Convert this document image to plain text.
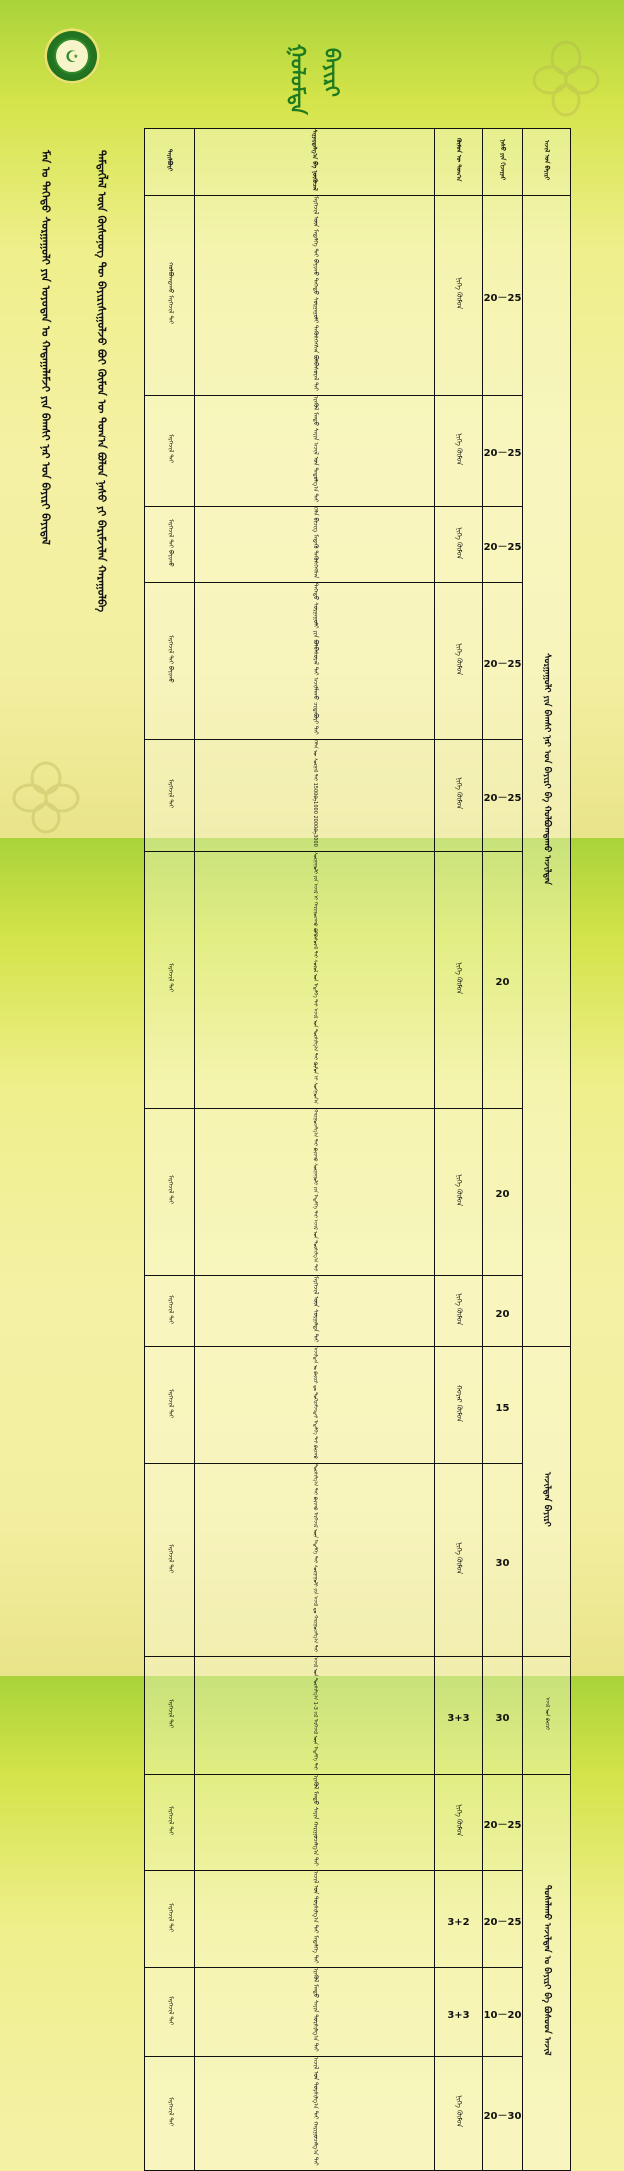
☪	ᠭᠤᠯᠤᠮᠲᠠ ᠪᠠᠶᠢᠷᠢ
ᠮᠠᠨ ᠤ ᠳᠡᠭᠡᠳᠦ ᠰᠤᠷᠭᠠᠭᠤᠯᠢ ᠶᠢᠨ ᠣᠶᠤᠲᠠᠨ ᠤ ᠬᠠᠳᠠᠭᠠᠯᠠᠮᠵᠢ ᠶᠢᠨ ᠪᠠᠭᠰᠢ ᠨᠠᠷ ᠤᠨ ᠪᠠᠶᠢᠷᠢ ᠪᠠᠶᠢᠳᠠᠯ	ᠲᠡᠮᠳᠡᠭᠯᠡᠯ ᠦᠨ ᠬᠦᠰᠦᠨᠦᠭ ᠲᠦ ᠪᠠᠶᠢᠷᠢᠰᠢᠭᠤᠯᠵᠤ ᠪᠤᠢ ᠬᠦᠮᠦᠨ ᠦ ᠲᠣᠭ᠎ᠠ ᠪᠣᠯᠤᠨ ᠨᠠᠰᠤ ᠶᠢ ᠪᠠᠷᠢᠮᠵᠢᠯᠠᠨ ᠬᠠᠷᠠᠭᠤᠯᠪᠠ	ᠲᠠᠶᠢᠯᠪᠤᠷᠢ	ᠰᠢᠭᠠᠷᠳᠠᠯᠭ᠎ᠠ ᠪᠠ ᠨᠥᠬᠦᠴᠡᠯ	ᠬᠦᠮᠦᠨ ᠦ ᠲᠣᠭ᠎ᠠ	ᠨᠠᠰᠤ ᠶᠢᠨ ᠬᠢᠵᠠᠭᠠᠷ	ᠠᠵᠢᠯ ᠤᠨ ᠪᠠᠶᠢᠷᠢ
ᠬᠣᠯᠪᠣᠭᠳᠠᠬᠤ ᠮᠡᠷᠭᠡᠵᠢᠯ ᠲᠡᠢ	ᠮᠡᠷᠭᠡᠵᠢᠯ ᠦᠨ ᠮᠡᠳᠡᠯᠭᠡ ᠲᠡᠢ ᠪᠠᠶᠢᠬᠤ ᠳᠡᠭᠡᠳᠦ ᠰᠤᠷᠭᠠᠭᠤᠯᠢ ᠲᠡᠭᠦᠰᠬᠡᠭᠰᠡᠨ ᠪᠣᠯᠪᠠᠰᠤᠷᠠᠯ ᠲᠠᠢ	ᠨᠢᠭᠡ ᠬᠦᠮᠦᠨ	20－25	ᠰᠤᠷᠭᠠᠭᠤᠯᠢ ᠶᠢᠨ ᠪᠠᠭᠰᠢ ᠨᠠᠷ ᠤᠨ ᠪᠠᠶᠢᠷᠢ ᠪᠠ ᠬᠣᠯᠪᠣᠭᠳᠠᠬᠤ ᠠᠵᠢᠯᠲᠠᠨ
ᠮᠡᠷᠭᠡᠵᠢᠯ ᠲᠡᠢ	ᠡᠷᠡᠭᠦᠯ ᠮᠡᠨᠳᠦ ᠰᠠᠶᠢᠨ ᠠᠵᠢᠯ ᠤᠨ ᠳᠠᠳᠤᠯᠭ᠎ᠠ ᠲᠠᠢ	ᠨᠢᠭᠡ ᠬᠦᠮᠦᠨ	20－25	
ᠮᠡᠷᠭᠡᠵᠢᠯ ᠲᠡᠢ ᠪᠠᠶᠢᠬᠤ	ᠬᠡᠯᠡ ᠪᠢᠴᠢᠭ ᠮᠡᠳᠡᠬᠦ ᠲᠡᠭᠦᠰᠬᠡᠭᠰᠡᠨ	ᠨᠢᠭᠡ ᠬᠦᠮᠦᠨ	20－25	
ᠮᠡᠷᠭᠡᠵᠢᠯ ᠲᠡᠢ ᠪᠠᠶᠢᠬᠤ	ᠳᠡᠭᠡᠳᠦ ᠰᠤᠷᠭᠠᠭᠤᠯᠢ ᠶᠢᠨ ᠪᠣᠯᠪᠠᠰᠤᠷᠠᠯ ᠲᠠᠢ ᠠᠵᠢᠯᠯᠠᠬᠤ ᠴᠢᠳᠠᠪᠤᠷᠢ ᠲᠠᠢ	ᠨᠢᠭᠡ ᠬᠦᠮᠦᠨ	20－25	
ᠮᠡᠷᠭᠡᠵᠢᠯ ᠲᠡᠢ	ᠬᠡᠯᠡᠨ ᠦ ᠰᠤᠷᠭᠠᠯ ᠲᠠᠢ 1500ᠪᠠ1000 2000ᠪᠠ3000	ᠨᠢᠭᠡ ᠬᠦᠮᠦᠨ	20－25	
ᠮᠡᠷᠭᠡᠵᠢᠯ ᠲᠡᠢ	ᠰᠤᠷᠭᠠᠭᠤᠯᠢ ᠶᠢᠨ ᠠᠵᠢᠯ ᠢ ᠬᠠᠷᠢᠭᠤᠴᠠᠬᠤ ᠪᠣᠯᠪᠠᠰᠤᠷᠠᠯ ᠲᠠᠢ ᠰᠣᠶᠣᠯ ᠤᠨ ᠮᠡᠳᠡᠯᠭᠡ ᠲᠡᠢ ᠠᠵᠢᠯ ᠤᠨ ᠲᠤᠷᠰᠢᠯᠭ᠎ᠠ ᠲᠠᠢ ᠬᠦᠮᠦᠨ ᠢ ᠰᠣᠩᠭᠣᠨ᠎ᠠ	ᠨᠢᠭᠡ ᠬᠦᠮᠦᠨ	20	
ᠮᠡᠷᠭᠡᠵᠢᠯ ᠲᠡᠢ	ᠬᠠᠷᠢᠭᠤᠴᠠᠯᠭ᠎ᠠ ᠲᠠᠢ ᠪᠠᠶᠢᠬᠤ ᠰᠤᠷᠭᠠᠭᠤᠯᠢ ᠶᠢᠨ ᠮᠡᠳᠡᠯᠭᠡ ᠲᠡᠢ ᠠᠵᠢᠯ ᠤᠨ ᠲᠤᠷᠰᠢᠯᠭ᠎ᠠ ᠲᠠᠢ	ᠨᠢᠭᠡ ᠬᠦᠮᠦᠨ	20	
ᠮᠡᠷᠭᠡᠵᠢᠯ ᠲᠡᠢ	ᠮᠡᠷᠭᠡᠵᠢᠯ ᠦᠨ ᠰᠤᠷᠭᠠᠯᠲᠠ ᠲᠠᠢ	ᠨᠢᠭᠡ ᠬᠦᠮᠦᠨ	20	
ᠮᠡᠷᠭᠡᠵᠢᠯ ᠲᠡᠢ	ᠠᠵᠢᠯᠲᠠᠨ ᠤ ᠪᠠᠶᠢᠷᠢ ᠳᠤ ᠲᠣᠬᠢᠷᠠᠮᠵᠢᠲᠠᠢ ᠮᠡᠳᠡᠯᠭᠡ ᠲᠡᠢ ᠪᠠᠶᠢᠬᠤ	ᠬᠣᠶᠠᠷ ᠬᠦᠮᠦᠨ	15	ᠠᠵᠢᠯᠲᠠᠨ ᠪᠠᠶᠢᠷᠢ
ᠮᠡᠷᠭᠡᠵᠢᠯ ᠲᠡᠢ	ᠲᠤᠷᠰᠢᠯᠭ᠎ᠠ ᠲᠠᠢ ᠪᠠᠶᠢᠬᠤ ᠮᠡᠷᠭᠡᠵᠢᠯ ᠦᠨ ᠮᠡᠳᠡᠯᠭᠡ ᠲᠡᠢ ᠰᠤᠷᠭᠠᠭᠤᠯᠢ ᠶᠢᠨ ᠠᠵᠢᠯ ᠳᠤ ᠬᠠᠷᠢᠭᠤᠴᠠᠯᠭ᠎ᠠ ᠲᠠᠢ	ᠨᠢᠭᠡ ᠬᠦᠮᠦᠨ	30	
ᠮᠡᠷᠭᠡᠵᠢᠯ ᠲᠡᠢ	ᠠᠵᠢᠯ ᠤᠨ ᠲᠤᠷᠰᠢᠯᠭ᠎ᠠ 1-3 ᠵᠢᠯ ᠮᠡᠷᠭᠡᠵᠢᠯ ᠦᠨ ᠮᠡᠳᠡᠯᠭᠡ ᠲᠡᠢ	3+3	30	ᠠᠵᠢᠯ ᠤᠨ ᠪᠠᠶᠢᠷᠢ
ᠮᠡᠷᠭᠡᠵᠢᠯ ᠲᠡᠢ	ᠡᠷᠡᠭᠦᠯ ᠮᠡᠨᠳᠦ ᠰᠠᠶᠢᠨ ᠬᠠᠷᠢᠭᠤᠴᠠᠯᠭ᠎ᠠ ᠲᠠᠢ	ᠨᠢᠭᠡ ᠬᠦᠮᠦᠨ	20－25	ᠲᠤᠰᠠᠯᠠᠬᠤ ᠠᠵᠢᠯᠲᠠᠨ ᠤ ᠪᠠᠶᠢᠷᠢ ᠪᠠ ᠪᠤᠰᠤᠳ ᠠᠵᠢᠯ
ᠮᠡᠷᠭᠡᠵᠢᠯ ᠲᠡᠢ	ᠠᠵᠢᠯ ᠤᠨ ᠲᠤᠷᠰᠢᠯᠭ᠎ᠠ ᠲᠠᠢ ᠮᠡᠳᠡᠯᠭᠡ ᠲᠡᠢ	3+2	20－25	
ᠮᠡᠷᠭᠡᠵᠢᠯ ᠲᠡᠢ	ᠡᠷᠡᠭᠦᠯ ᠮᠡᠨᠳᠦ ᠰᠠᠶᠢᠨ ᠲᠤᠷᠰᠢᠯᠭ᠎ᠠ ᠲᠠᠢ	3+3	10－20	
ᠮᠡᠷᠭᠡᠵᠢᠯ ᠲᠡᠢ	ᠠᠵᠢᠯ ᠤᠨ ᠲᠤᠷᠰᠢᠯᠭ᠎ᠠ ᠲᠠᠢ ᠬᠠᠷᠢᠭᠤᠴᠠᠯᠭ᠎ᠠ ᠲᠠᠢ	ᠨᠢᠭᠡ ᠬᠦᠮᠦᠨ	20－30	
